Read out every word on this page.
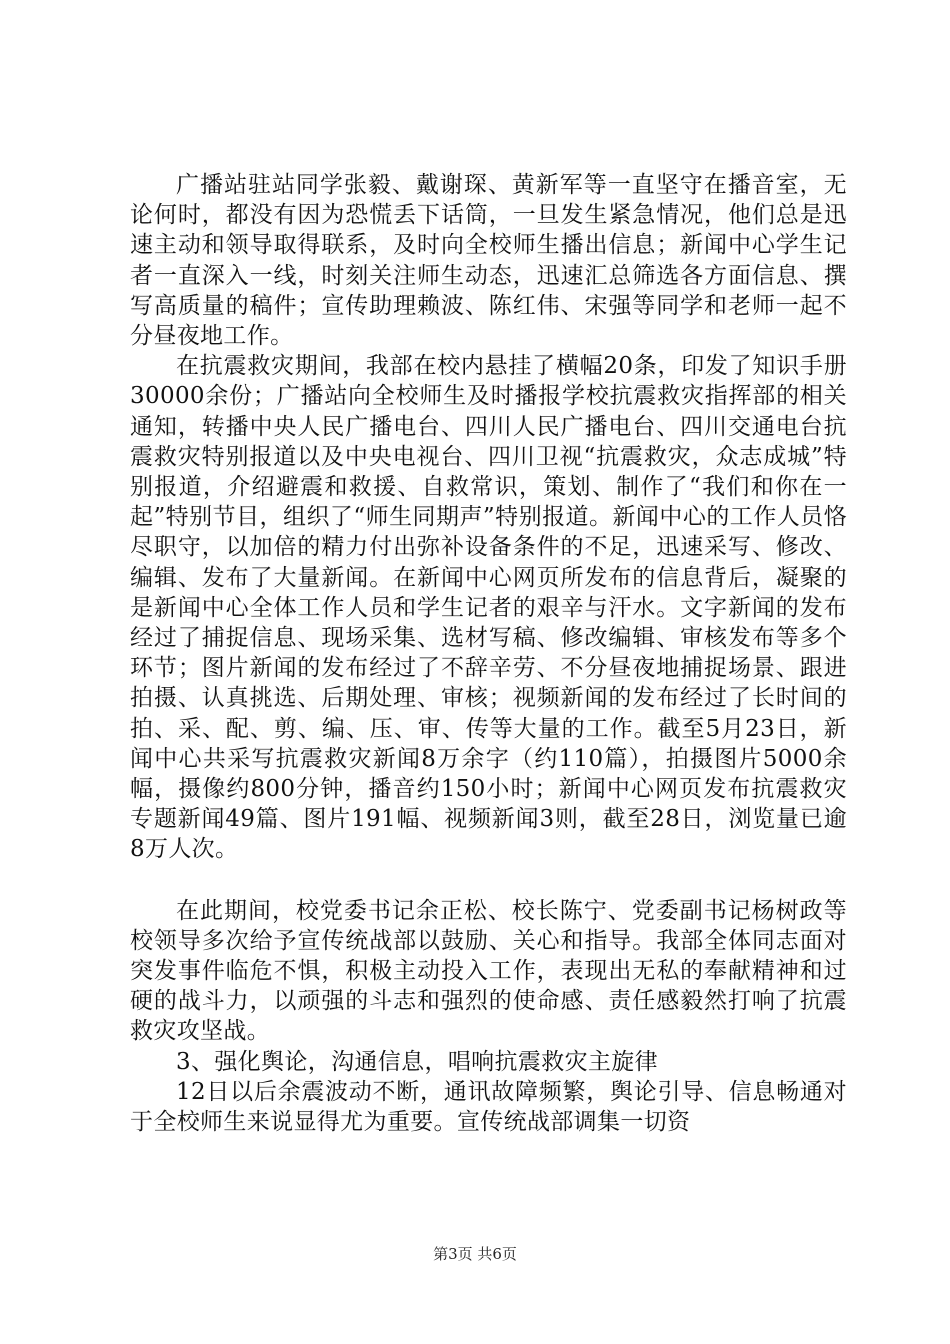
广播站驻站同学张毅、戴谢琛、黄新军等一直坚守在播音室，无论何时，都没有因为恐慌丢下话筒，一旦发生紧急情况，他们总是迅速主动和领导取得联系，及时向全校师生播出信息；新闻中心学生记者一直深入一线，时刻关注师生动态，迅速汇总筛选各方面信息、撰写高质量的稿件；宣传助理赖波、陈红伟、宋强等同学和老师一起不分昼夜地工作。

在抗震救灾期间，我部在校内悬挂了横幅20条，印发了知识手册30000余份；广播站向全校师生及时播报学校抗震救灾指挥部的相关通知，转播中央人民广播电台、四川人民广播电台、四川交通电台抗震救灾特别报道以及中央电视台、四川卫视“抗震救灾，众志成城”特别报道，介绍避震和救援、自救常识，策划、制作了“我们和你在一起”特别节目，组织了“师生同期声”特别报道。新闻中心的工作人员恪尽职守，以加倍的精力付出弥补设备条件的不足，迅速采写、修改、编辑、发布了大量新闻。在新闻中心网页所发布的信息背后，凝聚的是新闻中心全体工作人员和学生记者的艰辛与汗水。文字新闻的发布经过了捕捉信息、现场采集、选材写稿、修改编辑、审核发布等多个环节；图片新闻的发布经过了不辞辛劳、不分昼夜地捕捉场景、跟进拍摄、认真挑选、后期处理、审核；视频新闻的发布经过了长时间的拍、采、配、剪、编、压、审、传等大量的工作。截至5月23日，新闻中心共采写抗震救灾新闻8万余字（约110篇），拍摄图片5000余幅，摄像约800分钟，播音约150小时；新闻中心网页发布抗震救灾专题新闻49篇、图片191幅、视频新闻3则，截至28日，浏览量已逾8万人次。

在此期间，校党委书记余正松、校长陈宁、党委副书记杨树政等校领导多次给予宣传统战部以鼓励、关心和指导。我部全体同志面对突发事件临危不惧，积极主动投入工作，表现出无私的奉献精神和过硬的战斗力，以顽强的斗志和强烈的使命感、责任感毅然打响了抗震救灾攻坚战。

3、强化舆论，沟通信息，唱响抗震救灾主旋律

12日以后余震波动不断，通讯故障频繁，舆论引导、信息畅通对于全校师生来说显得尤为重要。宣传统战部调集一切资

第3页 共6页
